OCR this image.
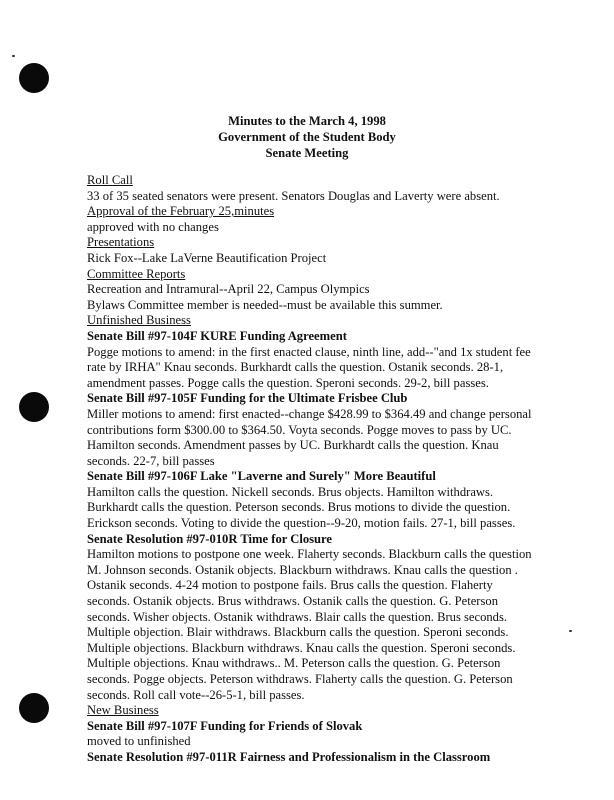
Minutes to the March 4, 1998
Government of the Student Body
Senate Meeting
Roll Call
33 of 35 seated senators were present. Senators Douglas and Laverty were absent.
Approval of the February 25,minutes
approved with no changes
Presentations
Rick Fox--Lake LaVerne Beautification Project
Committee Reports
Recreation and Intramural--April 22, Campus Olympics
Bylaws Committee member is needed--must be available this summer.
Unfinished Business
Senate Bill #97-104F KURE Funding Agreement
Pogge motions to amend: in the first enacted clause, ninth line, add--"and 1x student fee
rate by IRHA" Knau seconds. Burkhardt calls the question. Ostanik seconds. 28-1,
amendment passes. Pogge calls the question. Speroni seconds. 29-2, bill passes.
Senate Bill #97-105F Funding for the Ultimate Frisbee Club
Miller motions to amend: first enacted--change $428.99 to $364.49 and change personal
contributions form $300.00 to $364.50. Voyta seconds. Pogge moves to pass by UC.
Hamilton seconds. Amendment passes by UC. Burkhardt calls the question. Knau
seconds. 22-7, bill passes
Senate Bill #97-106F Lake "Laverne and Surely" More Beautiful
Hamilton calls the question. Nickell seconds. Brus objects. Hamilton withdraws.
Burkhardt calls the question. Peterson seconds. Brus motions to divide the question.
Erickson seconds. Voting to divide the question--9-20, motion fails. 27-1, bill passes.
Senate Resolution #97-010R Time for Closure
Hamilton motions to postpone one week. Flaherty seconds. Blackburn calls the question
M. Johnson seconds. Ostanik objects. Blackburn withdraws. Knau calls the question .
Ostanik seconds. 4-24 motion to postpone fails. Brus calls the question. Flaherty
seconds. Ostanik objects. Brus withdraws. Ostanik calls the question. G. Peterson
seconds. Wisher objects. Ostanik withdraws. Blair calls the question. Brus seconds.
Multiple objection. Blair withdraws. Blackburn calls the question. Speroni seconds.
Multiple objections. Blackburn withdraws. Knau calls the question. Speroni seconds.
Multiple objections. Knau withdraws.. M. Peterson calls the question. G. Peterson
seconds. Pogge objects. Peterson withdraws. Flaherty calls the question. G. Peterson
seconds. Roll call vote--26-5-1, bill passes.
New Business
Senate Bill #97-107F Funding for Friends of Slovak
moved to unfinished
Senate Resolution #97-011R Fairness and Professionalism in the Classroom
